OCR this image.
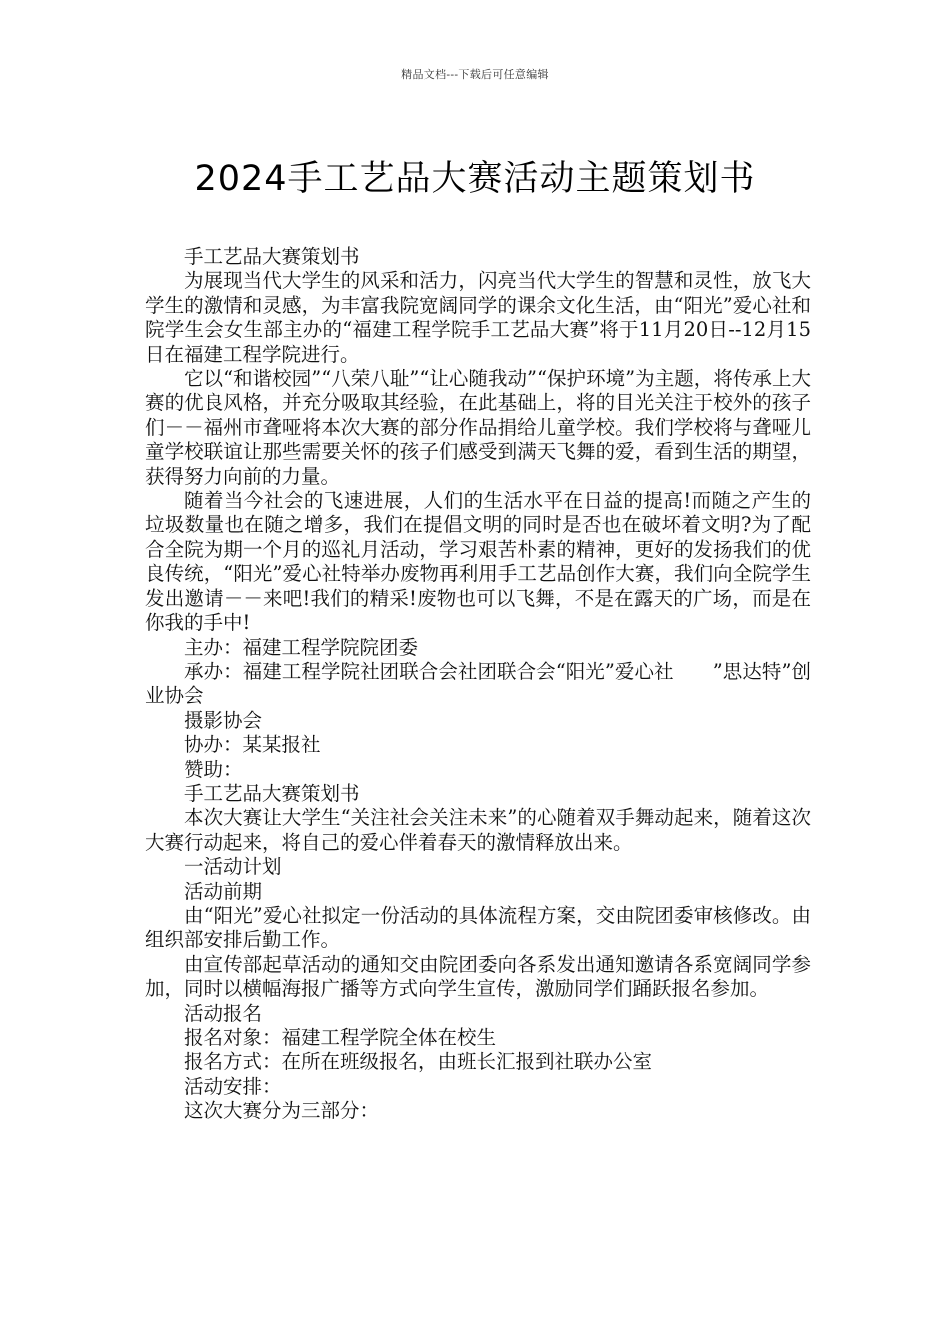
精品文档---下载后可任意编辑
2024手工艺品大赛活动主题策划书

手工艺品大赛策划书

为展现当代大学生的风采和活力，闪亮当代大学生的智慧和灵性，放飞大学生的激情和灵感，为丰富我院宽阔同学的课余文化生活，由“阳光”爱心社和院学生会女生部主办的“福建工程学院手工艺品大赛”将于11月20日--12月15日在福建工程学院进行。

它以“和谐校园”“八荣八耻”“让心随我动”“保护环境”为主题，将传承上大赛的优良风格，并充分吸取其经验，在此基础上，将的目光关注于校外的孩子们－－福州市聋哑将本次大赛的部分作品捐给儿童学校。我们学校将与聋哑儿童学校联谊让那些需要关怀的孩子们感受到满天飞舞的爱，看到生活的期望，获得努力向前的力量。

随着当今社会的飞速进展，人们的生活水平在日益的提高!而随之产生的垃圾数量也在随之增多，我们在提倡文明的同时是否也在破坏着文明?为了配合全院为期一个月的巡礼月活动，学习艰苦朴素的精神，更好的发扬我们的优良传统，“阳光”爱心社特举办废物再利用手工艺品创作大赛，我们向全院学生发出邀请－－来吧!我们的精采!废物也可以飞舞，不是在露天的广场，而是在你我的手中!

主办：福建工程学院院团委

承办：福建工程学院社团联合会社团联合会“阳光”爱心社　　”思达特”创业协会

摄影协会

协办：某某报社

赞助：

手工艺品大赛策划书

本次大赛让大学生“关注社会关注未来”的心随着双手舞动起来，随着这次大赛行动起来，将自己的爱心伴着春天的激情释放出来。

一活动计划

活动前期

由“阳光”爱心社拟定一份活动的具体流程方案，交由院团委审核修改。由组织部安排后勤工作。

由宣传部起草活动的通知交由院团委向各系发出通知邀请各系宽阔同学参加，同时以横幅海报广播等方式向学生宣传，激励同学们踊跃报名参加。

活动报名

报名对象：福建工程学院全体在校生

报名方式：在所在班级报名，由班长汇报到社联办公室

活动安排：

这次大赛分为三部分：
